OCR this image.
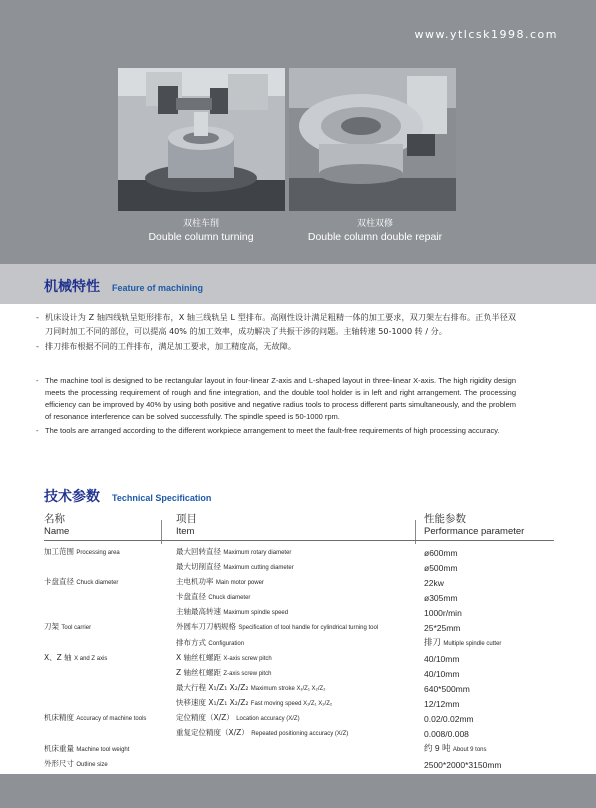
www.ytlcsk1998.com
双柱车削
Double column turning
双柱双修
Double column double repair
机械特性 Feature of machining
- 机床设计为 Z 轴四线轨呈矩形排布，X 轴三线轨呈 L 型排布。高刚性设计满足粗精一体的加工要求，双刀架左右排布。正负半径双刀同时加工不同的部位，可以提高 40% 的加工效率，成功解决了共振干涉的问题。主轴转速 50-1000 转 / 分。
- 排刀排布根据不同的工件排布，满足加工要求，加工精度高，无故障。
- The machine tool is designed to be rectangular layout in four-linear Z-axis and L-shaped layout in three-linear X-axis. The high rigidity design meets the processing requirement of rough and fine integration, and the double tool holder is in left and right arrangement. The processing efficiency can be improved by 40% by using both positive and negative radius tools to process different parts simultaneously, and the problem of resonance interference can be solved successfully. The spindle speed is 50-1000 rpm.
- The tools are arranged according to the different workpiece arrangement to meet the fault-free requirements of high processing accuracy.
技术参数 Technical Specification
名称
Name	项目
Item	性能参数
Performance parameter

加工范围 Processing area	最大回转直径 Maximum rotary diameter	ø600mm
	最大切削直径 Maximum cutting diameter	ø500mm
卡盘直径 Chuck diameter	主电机功率 Main motor power	22kw
	卡盘直径 Chuck diameter	ø305mm
	主轴最高转速 Maximum spindle speed	1000r/min
刀架 Tool carrier	外圆车刀刀柄规格 Specification of tool handle for cylindrical turning tool	25*25mm
	排布方式 Configuration	排刀 Multiple spindle cutter
X、Z 轴 X and Z axis	X 轴丝杠螺距 X-axis screw pitch	40/10mm
	Z 轴丝杠螺距 Z-axis screw pitch	40/10mm
	最大行程 X₁/Z₁ X₂/Z₂ Maximum stroke X₁/Z₁ X₂/Z₂	640*500mm
	快移速度 X₁/Z₁ X₂/Z₂ Fast moving speed X₁/Z₁ X₂/Z₂	12/12mm
机床精度 Accuracy of machine tools	定位精度（X/Z） Location accuracy (X/Z)	0.02/0.02mm
	重复定位精度（X/Z） Repeated positioning accuracy (X/Z)	0.008/0.008
机床重量 Machine tool weight		约 9 吨 About 9 tons
外形尺寸 Outline size		2500*2000*3150mm
